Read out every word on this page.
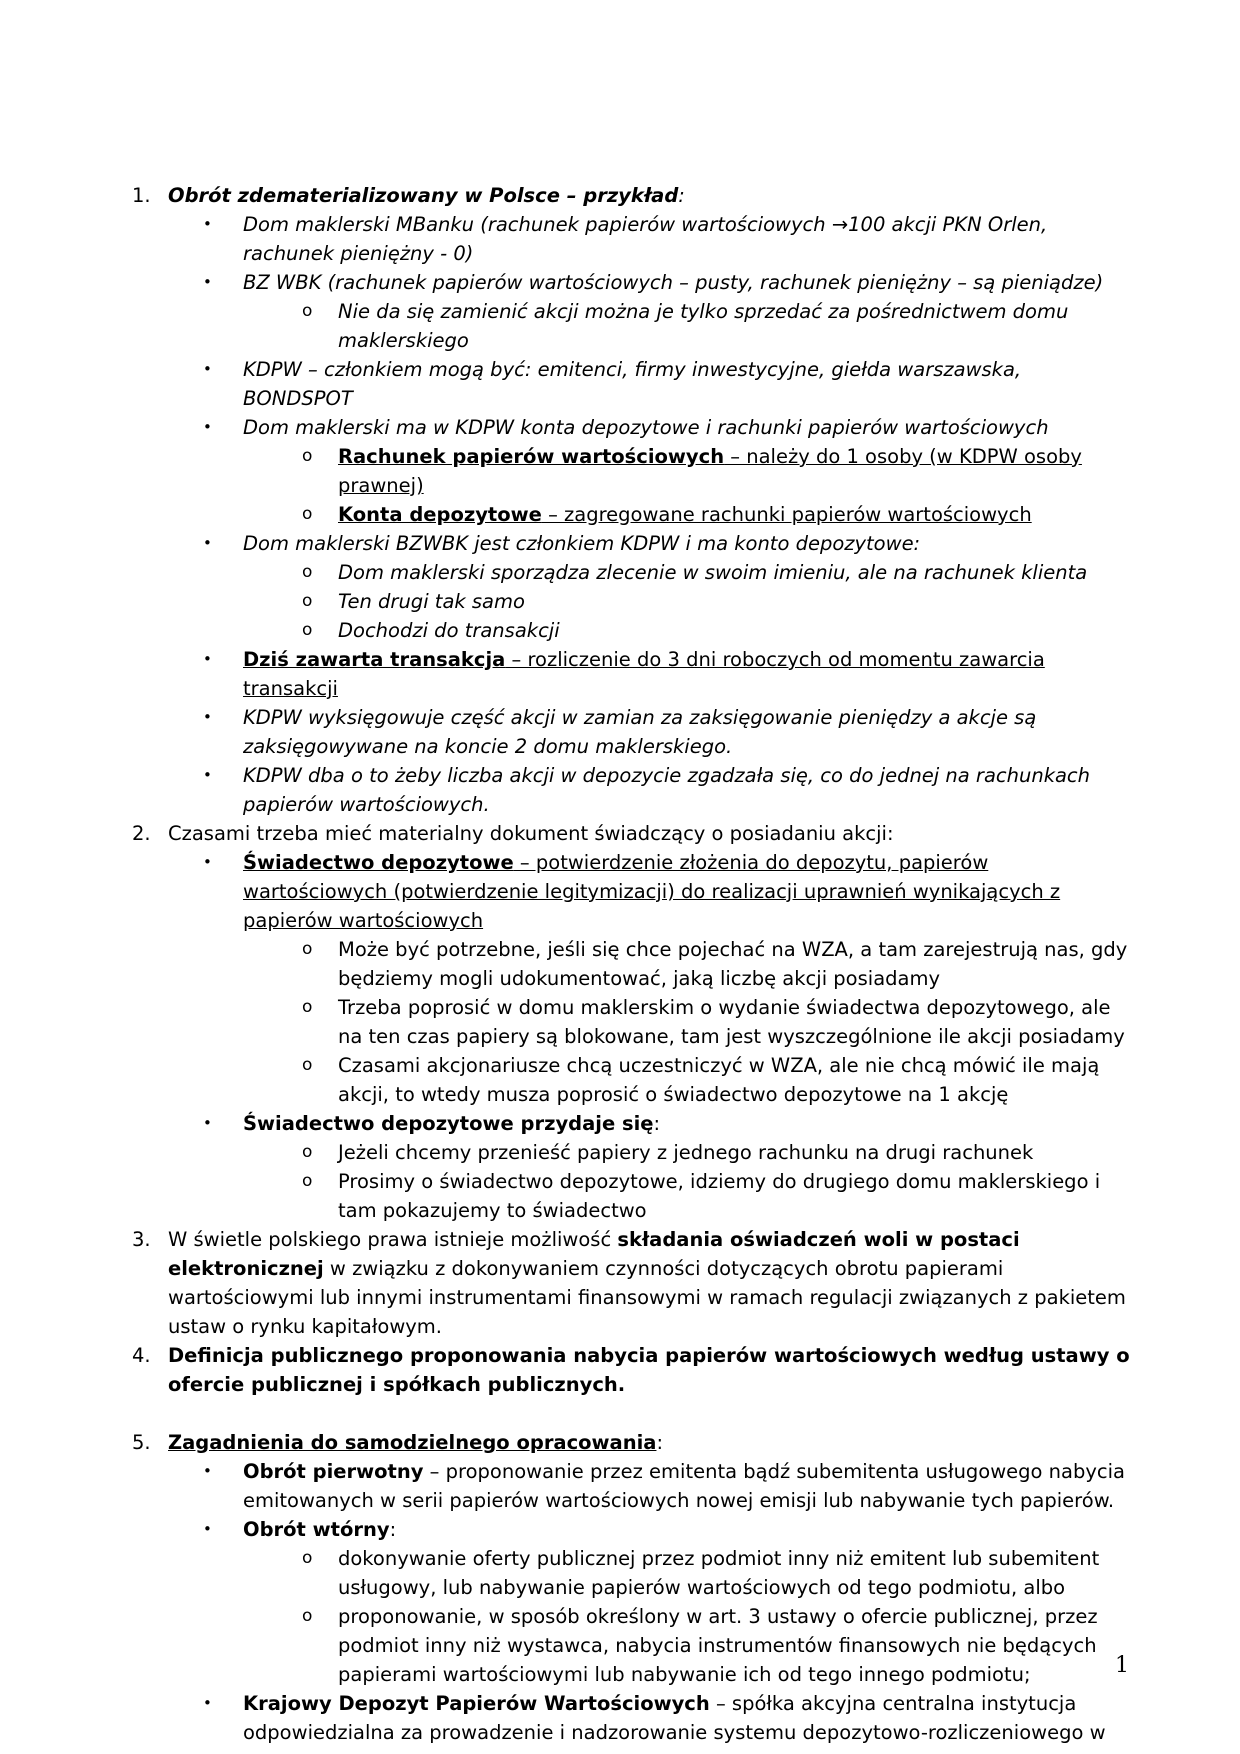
1. Obrót zdematerializowany w Polsce – przykład:
• Dom maklerski MBanku (rachunek papierów wartościowych →100 akcji PKN Orlen, rachunek pieniężny - 0)
• BZ WBK (rachunek papierów wartościowych – pusty, rachunek pieniężny – są pieniądze)
o Nie da się zamienić akcji można je tylko sprzedać za pośrednictwem domu maklerskiego
• KDPW – członkiem mogą być: emitenci, firmy inwestycyjne, giełda warszawska, BONDSPOT
• Dom maklerski ma w KDPW konta depozytowe i rachunki papierów wartościowych
o Rachunek papierów wartościowych – należy do 1 osoby (w KDPW osoby prawnej)
o Konta depozytowe – zagregowane rachunki papierów wartościowych
• Dom maklerski BZWBK jest członkiem KDPW i ma konto depozytowe:
o Dom maklerski sporządza zlecenie w swoim imieniu, ale na rachunek klienta
o Ten drugi tak samo
o Dochodzi do transakcji
• Dziś zawarta transakcja – rozliczenie do 3 dni roboczych od momentu zawarcia transakcji
• KDPW wyksięgowuje część akcji w zamian za zaksięgowanie pieniędzy a akcje są zaksięgowywane na koncie 2 domu maklerskiego.
• KDPW dba o to żeby liczba akcji w depozycie zgadzała się, co do jednej na rachunkach papierów wartościowych.
2. Czasami trzeba mieć materialny dokument świadczący o posiadaniu akcji:
• Świadectwo depozytowe – potwierdzenie złożenia do depozytu, papierów wartościowych (potwierdzenie legitymizacji) do realizacji uprawnień wynikających z papierów wartościowych
o Może być potrzebne, jeśli się chce pojechać na WZA, a tam zarejestrują nas, gdy będziemy mogli udokumentować, jaką liczbę akcji posiadamy
o Trzeba poprosić w domu maklerskim o wydanie świadectwa depozytowego, ale na ten czas papiery są blokowane, tam jest wyszczególnione ile akcji posiadamy
o Czasami akcjonariusze chcą uczestniczyć w WZA, ale nie chcą mówić ile mają akcji, to wtedy musza poprosić o świadectwo depozytowe na 1 akcję
• Świadectwo depozytowe przydaje się:
o Jeżeli chcemy przenieść papiery z jednego rachunku na drugi rachunek
o Prosimy o świadectwo depozytowe, idziemy do drugiego domu maklerskiego i tam pokazujemy to świadectwo
3. W świetle polskiego prawa istnieje możliwość składania oświadczeń woli w postaci elektronicznej w związku z dokonywaniem czynności dotyczących obrotu papierami wartościowymi lub innymi instrumentami finansowymi w ramach regulacji związanych z pakietem ustaw o rynku kapitałowym.
4. Definicja publicznego proponowania nabycia papierów wartościowych według ustawy o ofercie publicznej i spółkach publicznych.
5. Zagadnienia do samodzielnego opracowania:
• Obrót pierwotny – proponowanie przez emitenta bądź subemitenta usługowego nabycia emitowanych w serii papierów wartościowych nowej emisji lub nabywanie tych papierów.
• Obrót wtórny:
o dokonywanie oferty publicznej przez podmiot inny niż emitent lub subemitent usługowy, lub nabywanie papierów wartościowych od tego podmiotu, albo
o proponowanie, w sposób określony w art. 3 ustawy o ofercie publicznej, przez podmiot inny niż wystawca, nabycia instrumentów finansowych nie będących papierami wartościowymi lub nabywanie ich od tego innego podmiotu;
• Krajowy Depozyt Papierów Wartościowych – spółka akcyjna centralna instytucja odpowiedzialna za prowadzenie i nadzorowanie systemu depozytowo-rozliczeniowego w
1
